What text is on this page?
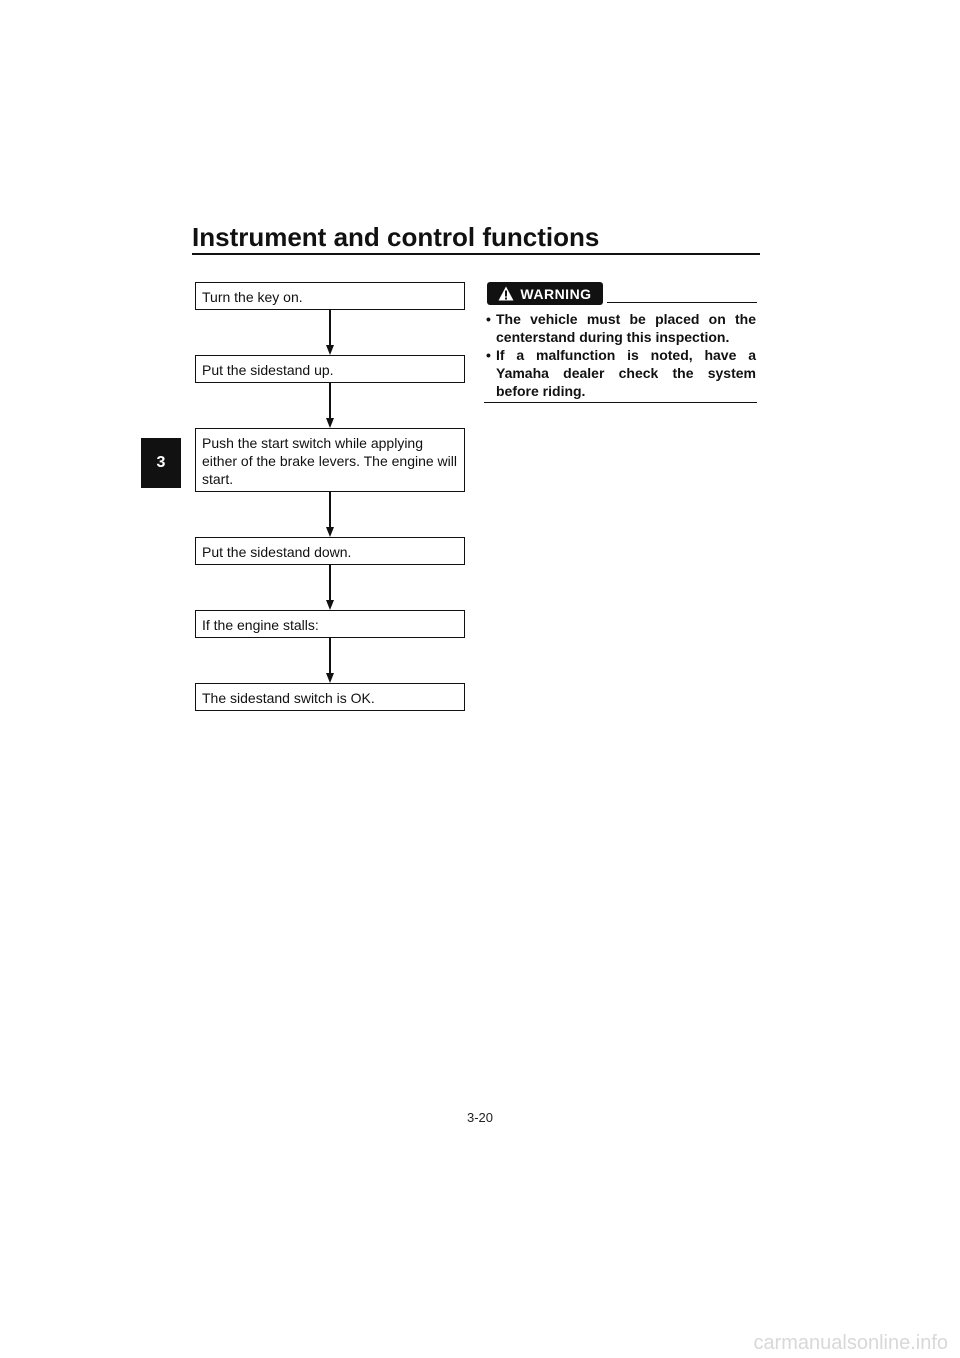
Instrument and control functions
3
Turn the key on.
Put the sidestand up.
Push the start switch while applying either of the brake levers. The engine will start.
Put the sidestand down.
If the engine stalls:
The sidestand switch is OK.
WARNING
• The vehicle must be placed on the centerstand during this inspection.
• If a malfunction is noted, have a Yamaha dealer check the system before riding.
3-20
carmanualsonline.info
